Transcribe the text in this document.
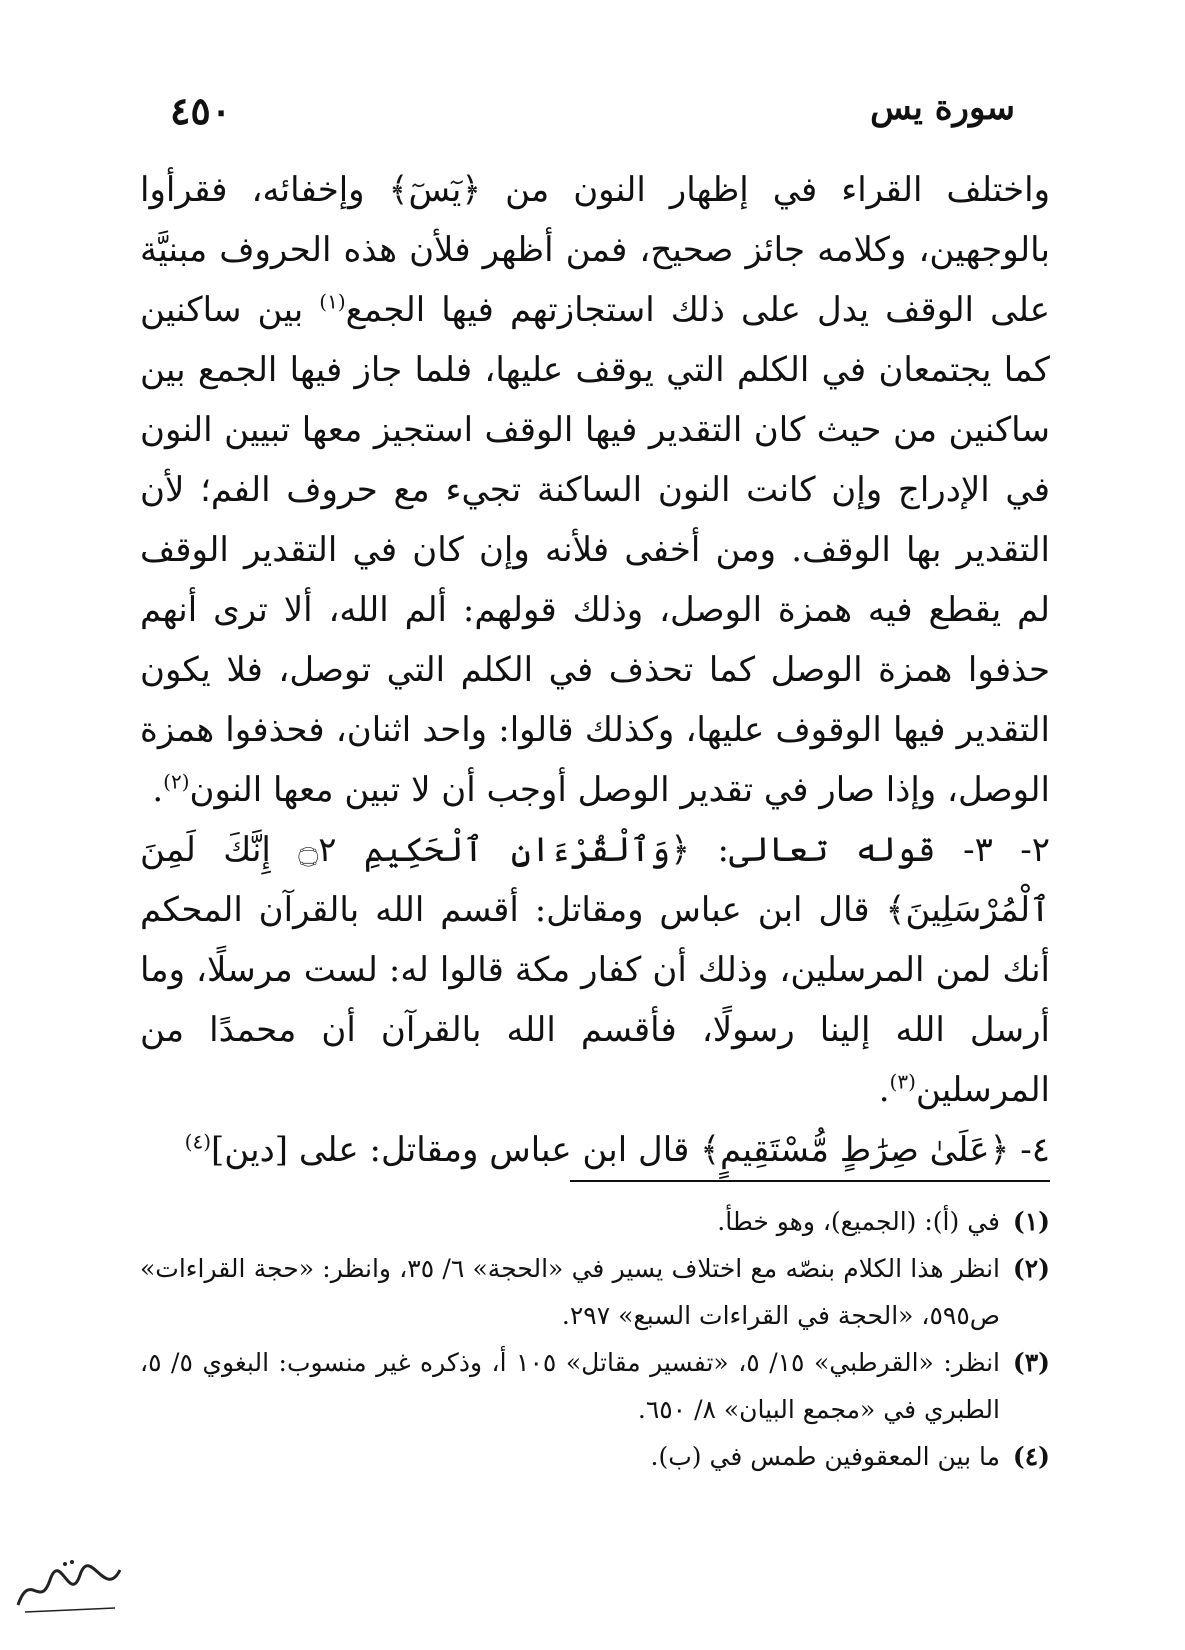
سورة يس
٤٥٠

واختلف القراء في إظهار النون من ﴿يٓسٓ﴾ وإخفائه، فقرأوا بالوجهين، وكلامه جائز صحيح، فمن أظهر فلأن هذه الحروف مبنيَّة على الوقف يدل على ذلك استجازتهم فيها الجمع$^{(١)}$ بين ساكنين كما يجتمعان في الكلم التي يوقف عليها، فلما جاز فيها الجمع بين ساكنين من حيث كان التقدير فيها الوقف استجيز معها تبيين النون في الإدراج وإن كانت النون الساكنة تجيء مع حروف الفم؛ لأن التقدير بها الوقف. ومن أخفى فلأنه وإن كان في التقدير الوقف لم يقطع فيه همزة الوصل، وذلك قولهم: ألم الله، ألا ترى أنهم حذفوا همزة الوصل كما تحذف في الكلم التي توصل، فلا يكون التقدير فيها الوقوف عليها، وكذلك قالوا: واحد اثنان، فحذفوا همزة الوصل، وإذا صار في تقدير الوصل أوجب أن لا تبين معها النون$^{(٢)}$.

٢- ٣- قوله تعالى: ﴿وَٱلْقُرْءَانِ ٱلْحَكِيمِ ۝٢ إِنَّكَ لَمِنَ ٱلْمُرْسَلِينَ﴾ قال ابن عباس ومقاتل: أقسم الله بالقرآن المحكم أنك لمن المرسلين، وذلك أن كفار مكة قالوا له: لست مرسلًا، وما أرسل الله إلينا رسولًا، فأقسم الله بالقرآن أن محمدًا من المرسلين$^{(٣)}$.

٤- ﴿عَلَىٰ صِرَٰطٍ مُّسْتَقِيمٍ﴾ قال ابن عباس ومقاتل: على [دين]$^{(٤)}$

(١)
في (أ): (الجميع)، وهو خطأ.
(٢)
انظر هذا الكلام بنصّه مع اختلاف يسير في «الحجة» ٦/ ٣٥، وانظر: «حجة القراءات» ص٥٩٥، «الحجة في القراءات السبع» ٢٩٧.
(٣)
انظر: «القرطبي» ١٥/ ٥، «تفسير مقاتل» ١٠٥ أ، وذكره غير منسوب: البغوي ٥/ ٥، الطبري في «مجمع البيان» ٨/ ٦٥٠.
(٤)
ما بين المعقوفين طمس في (ب).
